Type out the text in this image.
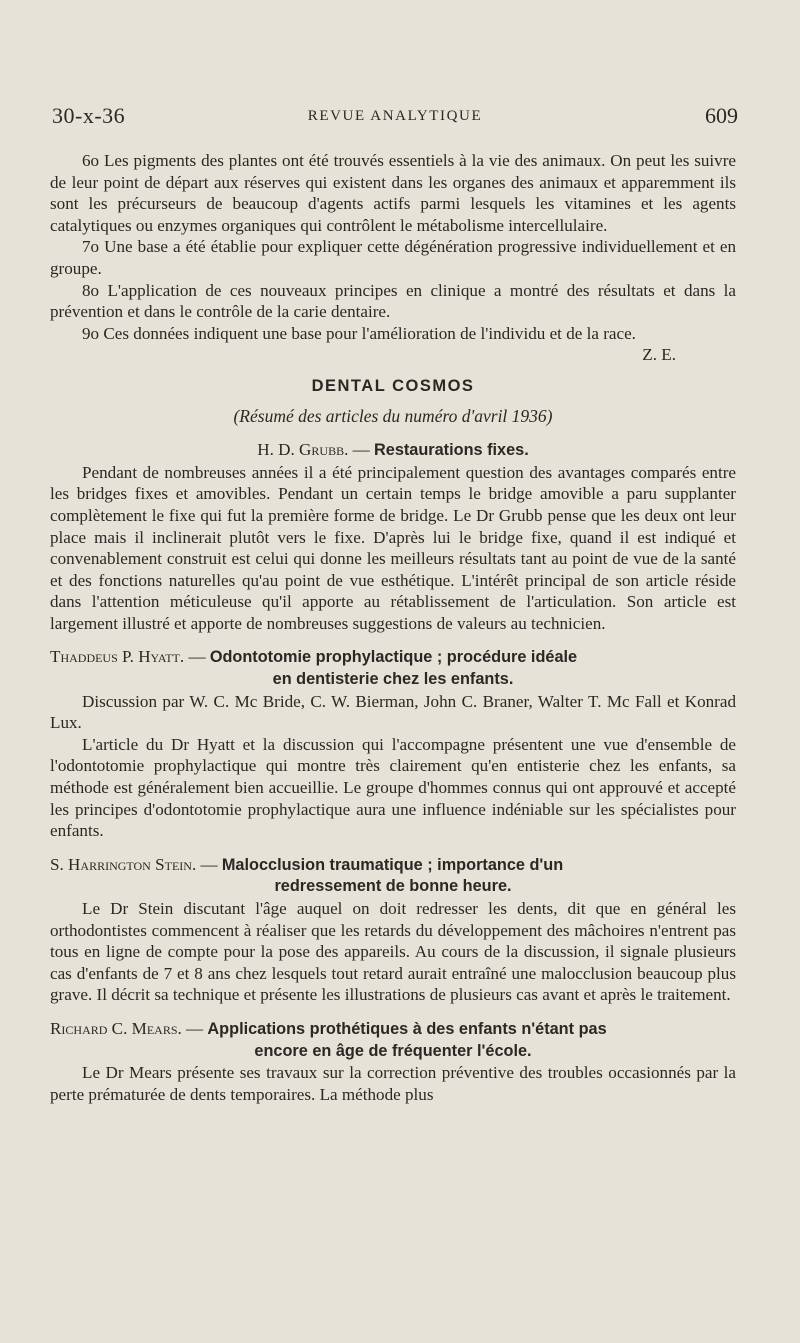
30-x-36	REVUE ANALYTIQUE	609

6o Les pigments des plantes ont été trouvés essentiels à la vie des animaux. On peut les suivre de leur point de départ aux réserves qui existent dans les organes des animaux et apparemment ils sont les précurseurs de beaucoup d'agents actifs parmi lesquels les vitamines et les agents catalytiques ou enzymes organiques qui contrôlent le métabolisme intercellulaire.

7o Une base a été établie pour expliquer cette dégénération progressive individuellement et en groupe.

8o L'application de ces nouveaux principes en clinique a montré des résultats et dans la prévention et dans le contrôle de la carie dentaire.

9o Ces données indiquent une base pour l'amélioration de l'individu et de la race.

Z. E.

DENTAL COSMOS
(Résumé des articles du numéro d'avril 1936)

H. D. Grubb. — Restaurations fixes.

Pendant de nombreuses années il a été principalement question des avantages comparés entre les bridges fixes et amovibles. Pendant un certain temps le bridge amovible a paru supplanter complètement le fixe qui fut la première forme de bridge. Le Dr Grubb pense que les deux ont leur place mais il inclinerait plutôt vers le fixe. D'après lui le bridge fixe, quand il est indiqué et convenablement construit est celui qui donne les meilleurs résultats tant au point de vue de la santé et des fonctions naturelles qu'au point de vue esthétique. L'intérêt principal de son article réside dans l'attention méticuleuse qu'il apporte au rétablissement de l'articulation. Son article est largement illustré et apporte de nombreuses suggestions de valeurs au technicien.

Thaddeus P. Hyatt. — Odontotomie prophylactique ; procédure idéale
en dentisterie chez les enfants.

Discussion par W. C. Mc Bride, C. W. Bierman, John C. Braner, Walter T. Mc Fall et Konrad Lux.

L'article du Dr Hyatt et la discussion qui l'accompagne présentent une vue d'ensemble de l'odontotomie prophylactique qui montre très clairement qu'en entisterie chez les enfants, sa méthode est généralement bien accueillie. Le groupe d'hommes connus qui ont approuvé et accepté les principes d'odontotomie prophylactique aura une influence indéniable sur les spécialistes pour enfants.

S. Harrington Stein. — Malocclusion traumatique ; importance d'un
redressement de bonne heure.

Le Dr Stein discutant l'âge auquel on doit redresser les dents, dit que en général les orthodontistes commencent à réaliser que les retards du développement des mâchoires n'entrent pas tous en ligne de compte pour la pose des appareils. Au cours de la discussion, il signale plusieurs cas d'enfants de 7 et 8 ans chez lesquels tout retard aurait entraîné une malocclusion beaucoup plus grave. Il décrit sa technique et présente les illustrations de plusieurs cas avant et après le traitement.

Richard C. Mears. — Applications prothétiques à des enfants n'étant pas
encore en âge de fréquenter l'école.

Le Dr Mears présente ses travaux sur la correction préventive des troubles occasionnés par la perte prématurée de dents temporaires. La méthode plus
